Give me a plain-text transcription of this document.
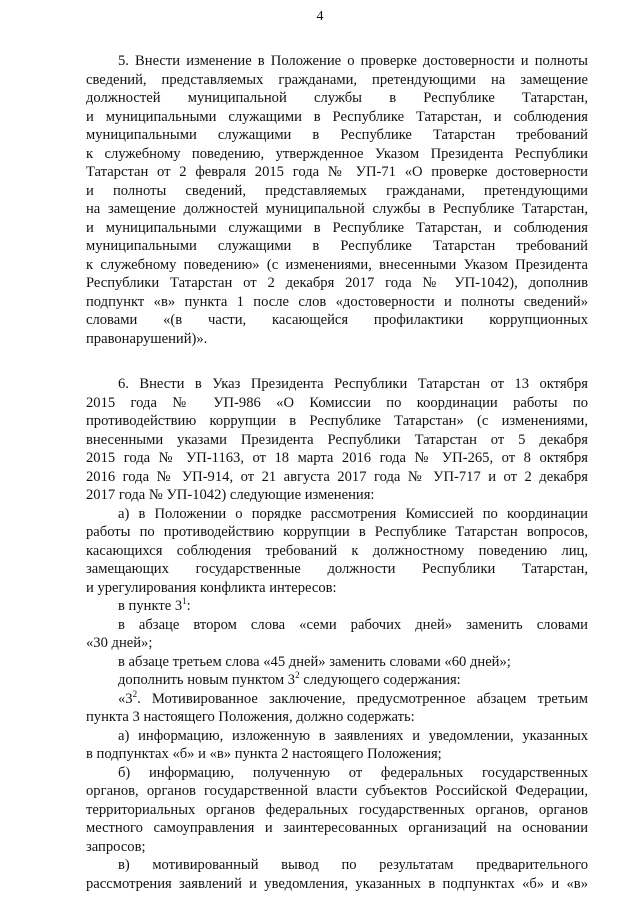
4
5. Внести изменение в Положение о проверке достоверности и полноты
сведений, представляемых гражданами, претендующими на замещение
должностей муниципальной службы в Республике Татарстан,
и муниципальными служащими в Республике Татарстан, и соблюдения
муниципальными служащими в Республике Татарстан требований
к служебному поведению, утвержденное Указом Президента Республики
Татарстан от 2 февраля 2015 года № УП-71 «О проверке достоверности
и полноты сведений, представляемых гражданами, претендующими
на замещение должностей муниципальной службы в Республике Татарстан,
и муниципальными служащими в Республике Татарстан, и соблюдения
муниципальными служащими в Республике Татарстан требований
к служебному поведению» (с изменениями, внесенными Указом Президента
Республики Татарстан от 2 декабря 2017 года № УП-1042), дополнив
подпункт «в» пункта 1 после слов «достоверности и полноты сведений»
словами «(в части, касающейся профилактики коррупционных
правонарушений)».
6. Внести в Указ Президента Республики Татарстан от 13 октября
2015 года № УП-986 «О Комиссии по координации работы по
противодействию коррупции в Республике Татарстан» (с изменениями,
внесенными указами Президента Республики Татарстан от 5 декабря
2015 года № УП-1163, от 18 марта 2016 года № УП-265, от 8 октября
2016 года № УП-914, от 21 августа 2017 года № УП-717 и от 2 декабря
2017 года № УП-1042) следующие изменения:
а) в Положении о порядке рассмотрения Комиссией по координации
работы по противодействию коррупции в Республике Татарстан вопросов,
касающихся соблюдения требований к должностному поведению лиц,
замещающих государственные должности Республики Татарстан,
и урегулирования конфликта интересов:
в пункте $3^1$:
в абзаце втором слова «семи рабочих дней» заменить словами
«30 дней»;
в абзаце третьем слова «45 дней» заменить словами «60 дней»;
дополнить новым пунктом $3^2$ следующего содержания:
«$3^2$. Мотивированное заключение, предусмотренное абзацем третьим
пункта 3 настоящего Положения, должно содержать:
а) информацию, изложенную в заявлениях и уведомлении, указанных
в подпунктах «б» и «в» пункта 2 настоящего Положения;
б) информацию, полученную от федеральных государственных
органов, органов государственной власти субъектов Российской Федерации,
территориальных органов федеральных государственных органов, органов
местного самоуправления и заинтересованных организаций на основании
запросов;
в) мотивированный вывод по результатам предварительного
рассмотрения заявлений и уведомления, указанных в подпунктах «б» и «в»
